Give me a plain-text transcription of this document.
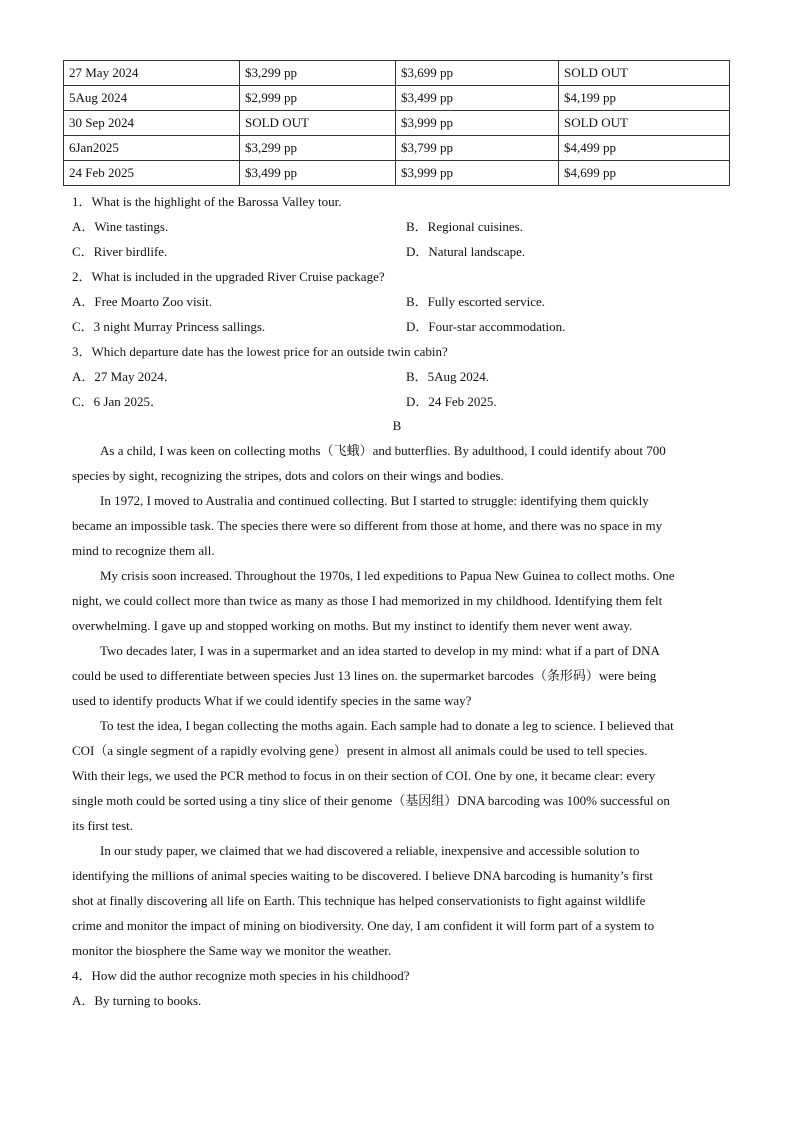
27 May 2024	$3,299 pp	$3,699 pp	SOLD OUT
5Aug 2024	$2,999 pp	$3,499 pp	$4,199 pp
30 Sep 2024	SOLD OUT	$3,999 pp	SOLD OUT
6Jan2025	$3,299 pp	$3,799 pp	$4,499 pp
24 Feb 2025	$3,499 pp	$3,999 pp	$4,699 pp
1．What is the highlight of the Barossa Valley tour.
A．Wine tastings.	B．Regional cuisines.
C．River birdlife.	D．Natural landscape.
2．What is included in the upgraded River Cruise package?
A．Free Moarto Zoo visit.	B．Fully escorted service.
C．3 night Murray Princess sallings.	D．Four-star accommodation.
3．Which departure date has the lowest price for an outside twin cabin?
A．27 May 2024．	B．5Aug 2024.
C．6 Jan 2025．	D．24 Feb 2025.
B
As a child, I was keen on collecting moths（飞蛾）and butterflies. By adulthood, I could identify about 700
species by sight, recognizing the stripes, dots and colors on their wings and bodies.
In 1972, I moved to Australia and continued collecting. But I started to struggle: identifying them quickly
became an impossible task. The species there were so different from those at home, and there was no space in my
mind to recognize them all.
My crisis soon increased. Throughout the 1970s, I led expeditions to Papua New Guinea to collect moths. One
night, we could collect more than twice as many as those I had memorized in my childhood. Identifying them felt
overwhelming. I gave up and stopped working on moths. But my instinct to identify them never went away.
Two decades later, I was in a supermarket and an idea started to develop in my mind: what if a part of DNA
could be used to differentiate between species Just 13 lines on. the supermarket barcodes（条形码）were being
used to identify products What if we could identify species in the same way?
To test the idea, I began collecting the moths again. Each sample had to donate a leg to science. I believed that
COI（a single segment of a rapidly evolving gene）present in almost all animals could be used to tell species.
With their legs, we used the PCR method to focus in on their section of COI. One by one, it became clear: every
single moth could be sorted using a tiny slice of their genome（基因组）DNA barcoding was 100% successful on
its first test.
In our study paper, we claimed that we had discovered a reliable, inexpensive and accessible solution to
identifying the millions of animal species waiting to be discovered. I believe DNA barcoding is humanity’s first
shot at finally discovering all life on Earth. This technique has helped conservationists to fight against wildlife
crime and monitor the impact of mining on biodiversity. One day, I am confident it will form part of a system to
monitor the biosphere the Same way we monitor the weather.
4．How did the author recognize moth species in his childhood?
A．By turning to books.
